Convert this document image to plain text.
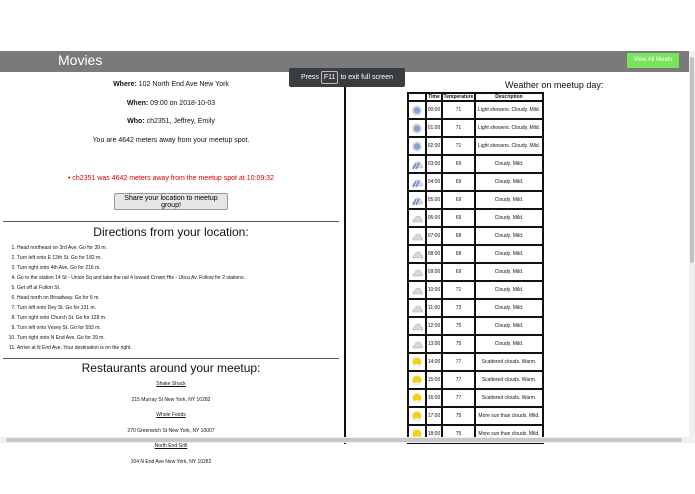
Movies	View All Meets
Press F11 to exit full screen
Where: 102 North End Ave New York
When: 09:00 on 2018-10-03
Who: ch2351, Jeffrey, Emily
You are 4642 meters away from your meetup spot.
• ch2351 was 4642 meters away from the meetup spot at 10:09:32
Share your location to meetup group!
Directions from your location:
1. Head northeast on 3rd Ave. Go for 39 m.
2. Turn left onto E 12th St. Go for 182 m.
3. Turn right onto 4th Ave. Go for 216 m.
4. Go to the station 14 St - Union Sq and take the rail 4 toward Crown Hts - Utica Av. Follow for 2 stations.
5. Get off at Fulton St.
6. Head north on Broadway. Go for 6 m.
7. Turn left onto Dey St. Go for 131 m.
8. Turn right onto Church St. Go for 128 m.
9. Turn left onto Vesey St. Go for 593 m.
10. Turn right onto N End Ave. Go for 39 m.
11. Arrive at N End Ave. Your destination is on the right.
Restaurants around your meetup:
Shake Shack
215 Murray St New York, NY 10282
Whole Foods
270 Greenwich St New York, NY 10007
North End Grill
104 N End Ave New York, NY 10282
Weather on meetup day:
	Time	Temperature	Description
	00:00	71	Light showers. Cloudy. Mild.
	01:00	71	Light showers. Cloudy. Mild.
	02:00	71	Light showers. Cloudy. Mild.
	03:00	69	Cloudy. Mild.
	04:00	69	Cloudy. Mild.
	05:00	69	Cloudy. Mild.
	06:00	69	Cloudy. Mild.
	07:00	68	Cloudy. Mild.
	08:00	68	Cloudy. Mild.
	09:00	69	Cloudy. Mild.
	10:00	71	Cloudy. Mild.
	11:00	73	Cloudy. Mild.
	12:00	75	Cloudy. Mild.
	13:00	75	Cloudy. Mild.
	14:00	77	Scattered clouds. Warm.
	15:00	77	Scattered clouds. Warm.
	16:00	77	Scattered clouds. Warm.
	17:00	75	More sun than clouds. Mild.
	18:00	75	More sun than clouds. Mild.
